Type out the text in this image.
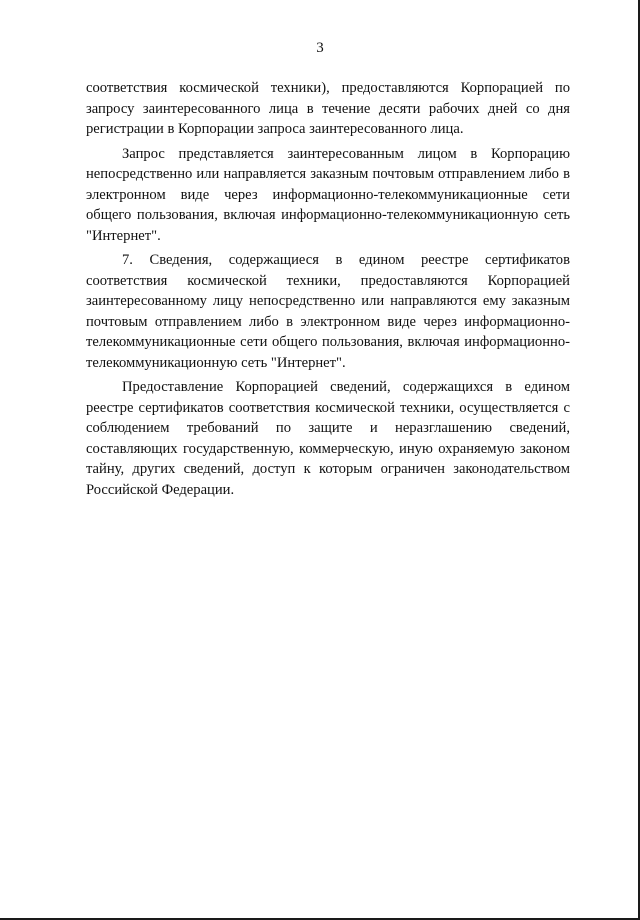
3

соответствия космической техники), предоставляются Корпорацией по запросу заинтересованного лица в течение десяти рабочих дней со дня регистрации в Корпорации запроса заинтересованного лица.

Запрос представляется заинтересованным лицом в Корпорацию непосредственно или направляется заказным почтовым отправлением либо в электронном виде через информационно-телекоммуникационные сети общего пользования, включая информационно-телекоммуникационную сеть "Интернет".

7. Сведения, содержащиеся в едином реестре сертификатов соответствия космической техники, предоставляются Корпорацией заинтересованному лицу непосредственно или направляются ему заказным почтовым отправлением либо в электронном виде через информационно-телекоммуникационные сети общего пользования, включая информационно-телекоммуникационную сеть "Интернет".

Предоставление Корпорацией сведений, содержащихся в едином реестре сертификатов соответствия космической техники, осуществляется с соблюдением требований по защите и неразглашению сведений, составляющих государственную, коммерческую, иную охраняемую законом тайну, других сведений, доступ к которым ограничен законодательством Российской Федерации.
